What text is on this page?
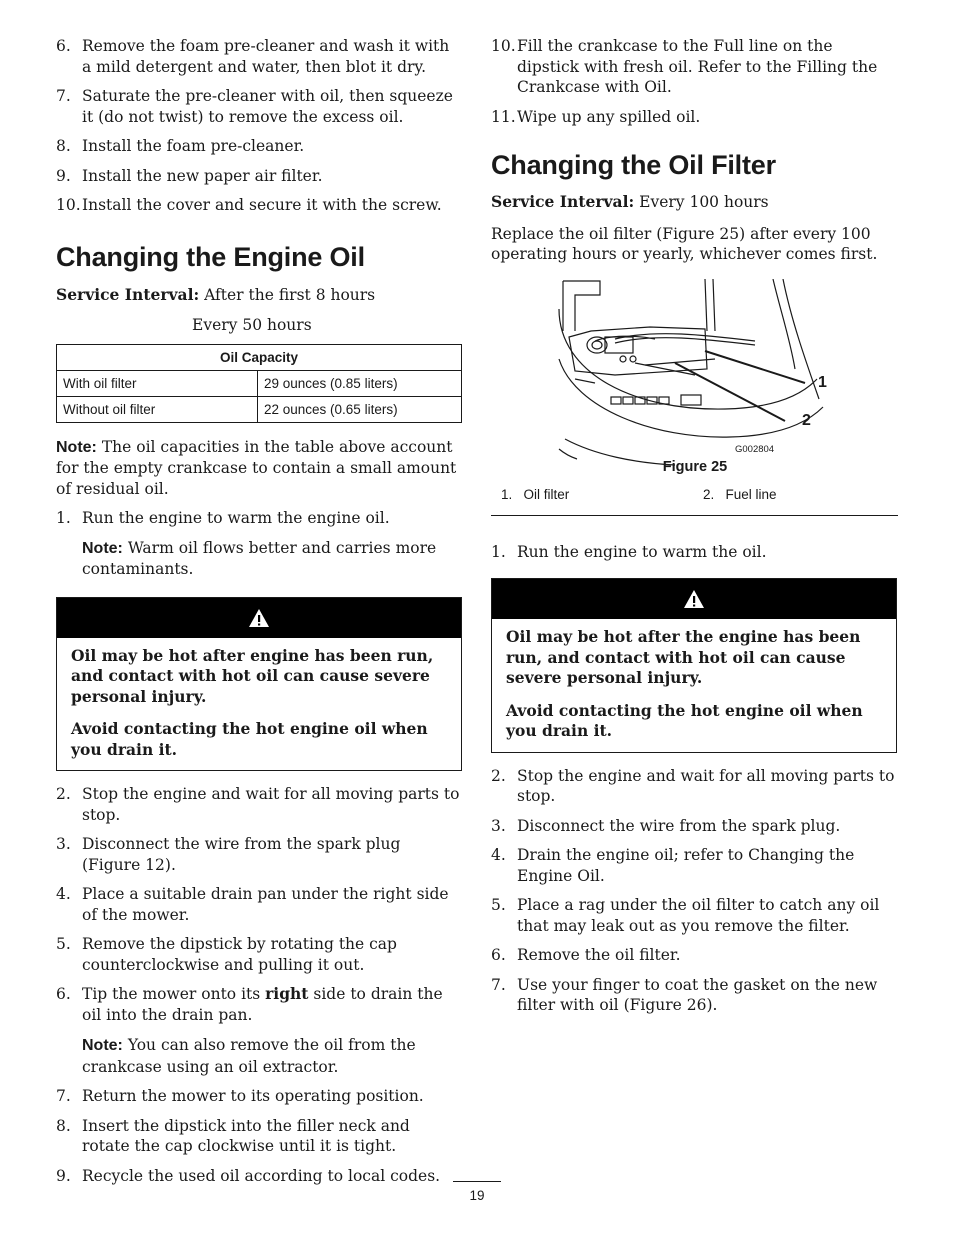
6. Remove the foam pre-cleaner and wash it with a mild detergent and water, then blot it dry.
7. Saturate the pre-cleaner with oil, then squeeze it (do not twist) to remove the excess oil.
8. Install the foam pre-cleaner.
9. Install the new paper air filter.
10. Install the cover and secure it with the screw.
Changing the Engine Oil

Service Interval: After the first 8 hours

Every 50 hours

Oil Capacity	
With oil filter	29 ounces (0.85 liters)
Without oil filter	22 ounces (0.65 liters)

Note: The oil capacities in the table above account for the empty crankcase to contain a small amount of residual oil.

1. Run the engine to warm the engine oil.
Note: Warm oil flows better and carries more contaminants.

Oil may be hot after engine has been run, and contact with hot oil can cause severe personal injury.

Avoid contacting the hot engine oil when you drain it.

2. Stop the engine and wait for all moving parts to stop.
3. Disconnect the wire from the spark plug (Figure 12).
4. Place a suitable drain pan under the right side of the mower.
5. Remove the dipstick by rotating the cap counterclockwise and pulling it out.
6. Tip the mower onto its right side to drain the oil into the drain pan.
Note: You can also remove the oil from the crankcase using an oil extractor.
7. Return the mower to its operating position.
8. Insert the dipstick into the filler neck and rotate the cap clockwise until it is tight.
9. Recycle the used oil according to local codes.
10. Fill the crankcase to the Full line on the dipstick with fresh oil. Refer to the Filling the Crankcase with Oil.
11. Wipe up any spilled oil.
Changing the Oil Filter

Service Interval: Every 100 hours

Replace the oil filter (Figure 25) after every 100 operating hours or yearly, whichever comes first.

1
2
G002804
Figure 25
1. Oil filter	2. Fuel line
1. Run the engine to warm the oil.

Oil may be hot after the engine has been run, and contact with hot oil can cause severe personal injury.

Avoid contacting the hot engine oil when you drain it.

2. Stop the engine and wait for all moving parts to stop.
3. Disconnect the wire from the spark plug.
4. Drain the engine oil; refer to Changing the Engine Oil.
5. Place a rag under the oil filter to catch any oil that may leak out as you remove the filter.
6. Remove the oil filter.
7. Use your finger to coat the gasket on the new filter with oil (Figure 26).
19
